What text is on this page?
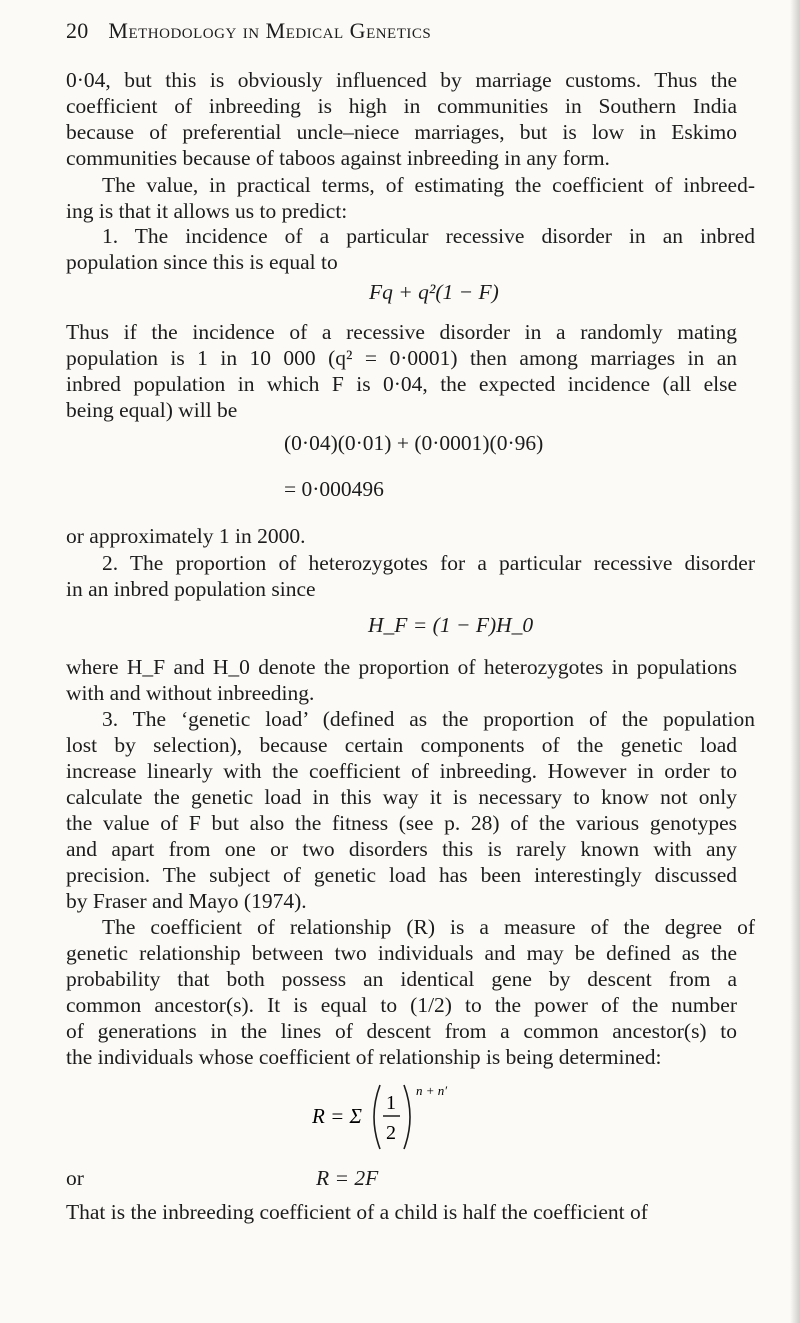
20 Methodology in Medical Genetics
0·04, but this is obviously influenced by marriage customs. Thus the
coefficient of inbreeding is high in communities in Southern India
because of preferential uncle–niece marriages, but is low in Eskimo
communities because of taboos against inbreeding in any form.
The value, in practical terms, of estimating the coefficient of inbreed-
ing is that it allows us to predict:
1. The incidence of a particular recessive disorder in an inbred
population since this is equal to
Fq + q²(1 − F)
Thus if the incidence of a recessive disorder in a randomly mating
population is 1 in 10 000 (q² = 0·0001) then among marriages in an
inbred population in which F is 0·04, the expected incidence (all else
being equal) will be
(0·04)(0·01) + (0·0001)(0·96)
= 0·000496
or approximately 1 in 2000.
2. The proportion of heterozygotes for a particular recessive disorder
in an inbred population since
H_F = (1 − F)H_0
where H_F and H_0 denote the proportion of heterozygotes in populations
with and without inbreeding.
3. The ‘genetic load’ (defined as the proportion of the population
lost by selection), because certain components of the genetic load
increase linearly with the coefficient of inbreeding. However in order to
calculate the genetic load in this way it is necessary to know not only
the value of F but also the fitness (see p. 28) of the various genotypes
and apart from one or two disorders this is rarely known with any
precision. The subject of genetic load has been interestingly discussed
by Fraser and Mayo (1974).
The coefficient of relationship (R) is a measure of the degree of
genetic relationship between two individuals and may be defined as the
probability that both possess an identical gene by descent from a
common ancestor(s). It is equal to (1/2) to the power of the number
of generations in the lines of descent from a common ancestor(s) to
the individuals whose coefficient of relationship is being determined:
R = Σ
1
2
n + n′
or	R = 2F
That is the inbreeding coefficient of a child is half the coefficient of
